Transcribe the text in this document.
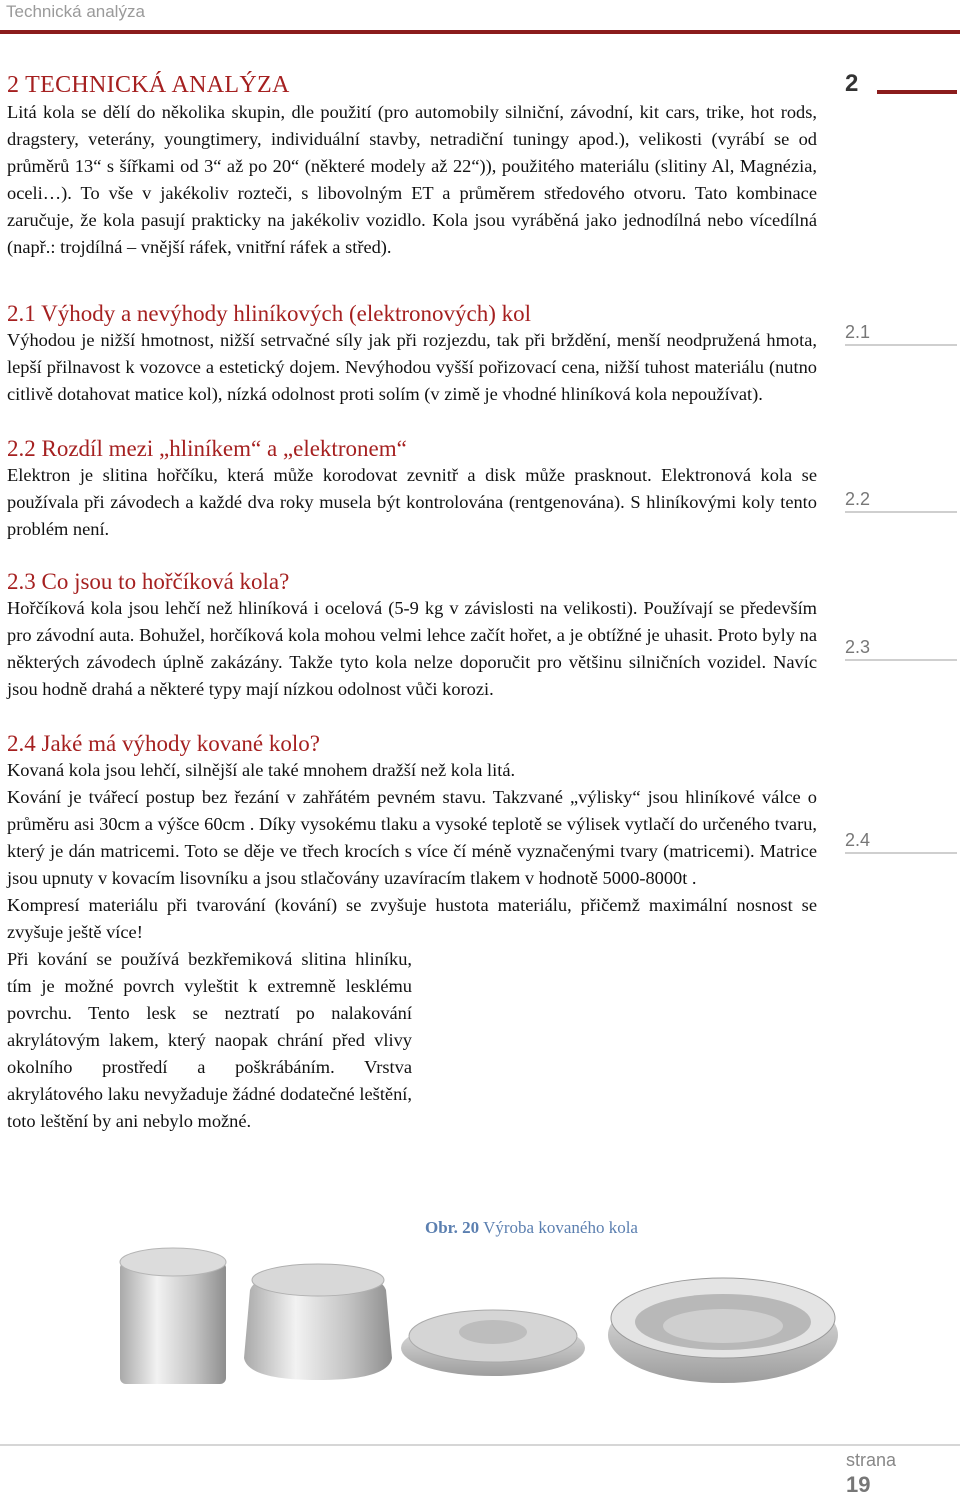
Technická analýza
2
2.1
2.2
2.3
2.4
2 TECHNICKÁ ANALÝZA

Litá kola se dělí do několika skupin, dle použití (pro automobily silniční, závodní, kit cars, trike, hot rods, dragstery, veterány, youngtimery, individuální stavby, netradiční tuningy apod.), velikosti (vyrábí se od průměrů 13“ s šířkami od 3“ až po 20“ (některé modely až 22“)), použitého materiálu (slitiny Al, Magnézia, oceli…). To vše v jakékoliv rozteči, s libovolným ET a průměrem středového otvoru. Tato kombinace zaručuje, že kola pasují prakticky na jakékoliv vozidlo. Kola jsou vyráběná jako jednodílná nebo vícedílná (např.: trojdílná – vnější ráfek, vnitřní ráfek a střed).

2.1 Výhody a nevýhody hliníkových (elektronových) kol

Výhodou je nižší hmotnost, nižší setrvačné síly jak při rozjezdu, tak při brždění, menší neodpružená hmota, lepší přilnavost k vozovce a estetický dojem. Nevýhodou vyšší pořizovací cena, nižší tuhost materiálu (nutno citlivě dotahovat matice kol), nízká odolnost proti solím (v zimě je vhodné hliníková kola nepoužívat).

2.2 Rozdíl mezi „hliníkem“ a „elektronem“

Elektron je slitina hořčíku, která může korodovat zevnitř a disk může prasknout. Elektronová kola se používala při závodech a každé dva roky musela být kontrolována (rentgenována). S hliníkovými koly tento problém není.

2.3 Co jsou to hořčíková kola?

Hořčíková kola jsou lehčí než hliníková i ocelová (5-9 kg v závislosti na velikosti). Používají se především pro závodní auta. Bohužel, horčíková kola mohou velmi lehce začít hořet, a je obtížné je uhasit. Proto byly na některých závodech úplně zakázány. Takže tyto kola nelze doporučit pro většinu silničních vozidel. Navíc jsou hodně drahá a některé typy mají nízkou odolnost vůči korozi.

2.4 Jaké má výhody kované kolo?

Kovaná kola jsou lehčí, silnější ale také mnohem dražší než kola litá.

Kování je tvářecí postup bez řezání v zahřátém pevném stavu. Takzvané „výlisky“ jsou hliníkové válce o průměru asi 30cm a výšce 60cm . Díky vysokému tlaku a vysoké teplotě se výlisek vytlačí do určeného tvaru, který je dán matricemi. Toto se děje ve třech krocích s více čí méně vyznačenými tvary (matricemi). Matrice jsou upnuty v kovacím lisovníku a jsou stlačovány uzavíracím tlakem v hodnotě 5000-8000t .

Kompresí materiálu při tvarování (kování) se zvyšuje hustota materiálu, přičemž maximální nosnost se zvyšuje ještě více!

Při kování se používá bezkřemiková slitina hliníku, tím je možné povrch vyleštit k extremně lesklému povrchu. Tento lesk se neztratí po nalakování akrylátovým lakem, který naopak chrání před vlivy okolního prostředí a poškrábáním. Vrstva akrylátového laku nevyžaduje žádné dodatečné leštění, toto leštění by ani nebylo možné.

Obr. 20 Výroba kovaného kola
strana
19
